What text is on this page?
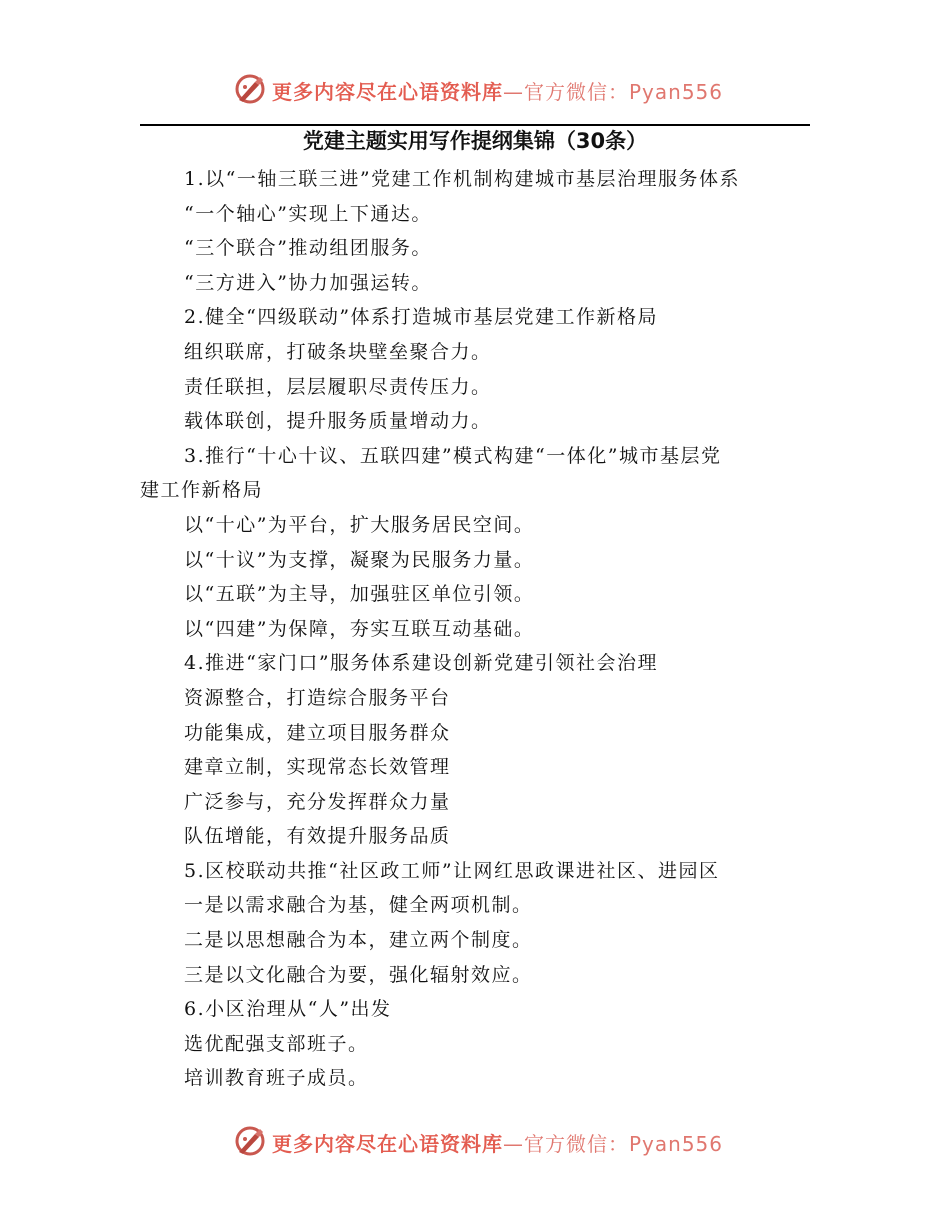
更多内容尽在心语资料库—官方微信：Pyan556
党建主题实用写作提纲集锦（30条）
1.以“一轴三联三进”党建工作机制构建城市基层治理服务体系
“一个轴心”实现上下通达。
“三个联合”推动组团服务。
“三方进入”协力加强运转。
2.健全“四级联动”体系打造城市基层党建工作新格局
组织联席，打破条块壁垒聚合力。
责任联担，层层履职尽责传压力。
载体联创，提升服务质量增动力。
3.推行“十心十议、五联四建”模式构建“一体化”城市基层党
建工作新格局
以“十心”为平台，扩大服务居民空间。
以“十议”为支撑，凝聚为民服务力量。
以“五联”为主导，加强驻区单位引领。
以“四建”为保障，夯实互联互动基础。
4.推进“家门口”服务体系建设创新党建引领社会治理
资源整合，打造综合服务平台
功能集成，建立项目服务群众
建章立制，实现常态长效管理
广泛参与，充分发挥群众力量
队伍增能，有效提升服务品质
5.区校联动共推“社区政工师”让网红思政课进社区、进园区
一是以需求融合为基，健全两项机制。
二是以思想融合为本，建立两个制度。
三是以文化融合为要，强化辐射效应。
6.小区治理从“人”出发
选优配强支部班子。
培训教育班子成员。
更多内容尽在心语资料库—官方微信：Pyan556
